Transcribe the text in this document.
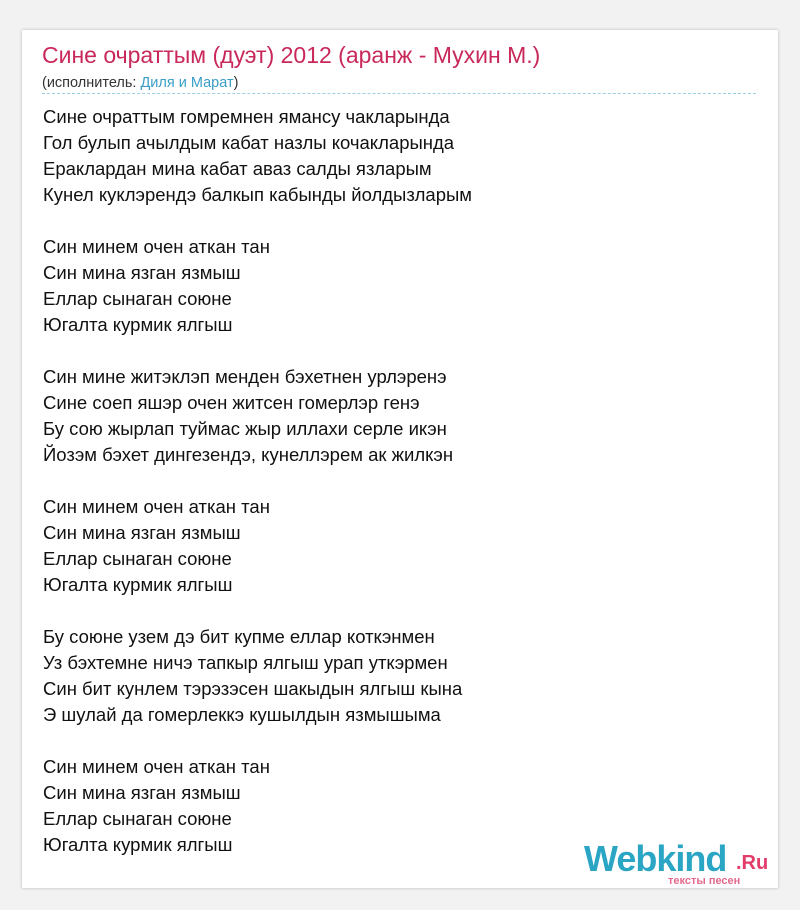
Сине очраттым (дуэт) 2012 (аранж - Мухин М.)
(исполнитель: Диля и Марат)
Сине очраттым гомремнен ямансу чакларында
Гол булып ачылдым кабат назлы кочакларында
Ераклардан мина кабат аваз салды язларым
Кунел куклэрендэ балкып кабынды йолдызларым
Син минем очен аткан тан
Син мина язган язмыш
Еллар сынаган союне
Югалта курмик ялгыш
Син мине житэклэп менден бэхетнен урлэренэ
Сине соеп яшэр очен житсен гомерлэр генэ
Бу сою жырлап туймас жыр иллахи серле икэн
Йозэм бэхет дингезендэ, кунеллэрем ак жилкэн
Син минем очен аткан тан
Син мина язган язмыш
Еллар сынаган союне
Югалта курмик ялгыш
Бу союне узем дэ бит купме еллар коткэнмен
Уз бэхтемне ничэ тапкыр ялгыш урап уткэрмен
Син бит кунлем тэрэзэсен шакыдын ялгыш кына
Э шулай да гомерлеккэ кушылдын язмышыма
Син минем очен аткан тан
Син мина язган язмыш
Еллар сынаган союне
Югалта курмик ялгыш	Webkind .Ru
тексты песен
